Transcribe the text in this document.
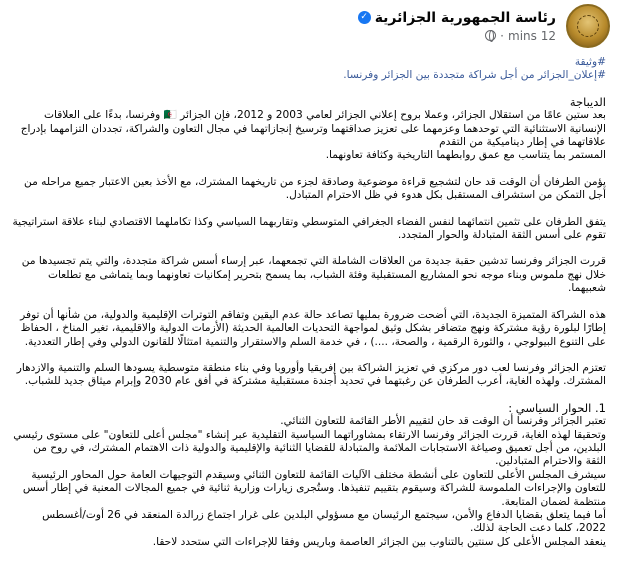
رئاسة الجمهورية الجزائرية
✓
12 mins
·

#وثيقة

#إعلان_الجزائر من أجل شراكة متجددة بين الجزائر وفرنسا.

الديباجة

بعد ستين عامًا من استقلال الجزائر، وعملا بروح إعلاني الجزائر لعامي 2003 و 2012، فإن الجزائر 🇩🇿 وفرنسا، بدءًا على العلاقات الإنسانية الاستثنائية التي توحدهما وعزمهما على تعزيز صداقتهما وترسيخ إنجازاتهما في مجال التعاون والشراكة، تجددان التزامهما بإدراج علاقاتهما في إطار ديناميكية من التقدم

المستمر بما يتناسب مع عمق روابطهما التاريخية وكثافة تعاونهما.

يؤمن الطرفان أن الوقت قد حان لتشجيع قراءة موضوعية وصادقة لجزء من تاريخهما المشترك، مع الأخذ بعين الاعتبار جميع مراحله من أجل التمكن من استشراف المستقبل بكل هدوء في ظل الاحترام المتبادل.

يتفق الطرفان على تثمين انتمائهما لنفس الفضاء الجغرافي المتوسطي وتقاربهما السياسي وكذا تكاملهما الاقتصادي لبناء علاقة استراتيجية تقوم على أسس الثقة المتبادلة والحوار المتجدد.

قررت الجزائر وفرنسا تدشين حقبة جديدة من العلاقات الشاملة التي تجمعهما، عبر إرساء أسس شراكة متجددة، والتي يتم تجسيدها من خلال نهج ملموس وبناء موجه نحو المشاريع المستقبلية وفئة الشباب، بما يسمح بتحرير إمكانيات تعاونهما وبما يتماشى مع تطلعات شعبيهما.

هذه الشراكة المتميزة الجديدة، التي أضحت ضرورة بمليها تصاعد حالة عدم اليقين وتفاقم التوترات الإقليمية والدولية، من شأنها أن توفر إطارًا لبلورة رؤية مشتركة ونهج متضافر بشكل وثيق لمواجهة التحديات العالمية الحديثة (الأزمات الدولية والاقليمية، تغير المناخ ، الحفاظ على التنوع البيولوجي ، والثورة الرقمية ، والصحة، ....) ، في خدمة السلم والاستقرار والتنمية امتثالًا للقانون الدولي وفي إطار التعددية.

تعتزم الجزائر وفرنسا لعب دور مركزي في تعزيز الشراكة بين إفريقيا وأوروبا وفي بناء منطقة متوسطية يسودها السلم والتنمية والازدهار المشترك. ولهذه الغاية، أعرب الطرفان عن رغبتهما في تحديد أجندة مستقبلية مشتركة في أفق عام 2030 وإبرام ميثاق جديد للشباب.

1. الحوار السياسي :

تعتبر الجزائر وفرنسا أن الوقت قد حان لتقييم الأطر القائمة للتعاون الثنائي.

وتحقيقا لهذه الغاية، قررت الجزائر وفرنسا الارتقاء بمشاوراتهما السياسية التقليدية عبر إنشاء "مجلس أعلى للتعاون" على مستوى رئيسي البلدين، من أجل تعميق وصياغة الاستجابات الملائمة والمتبادلة للقضايا الثنائية والإقليمية والدولية ذات الاهتمام المشترك، في روح من الثقة والاحترام المتبادلين.

سيشرف المجلس الأعلى للتعاون على أنشطة مختلف الآليات القائمة للتعاون الثنائي وسيقدم التوجيهات العامة حول المحاور الرئيسية للتعاون والإجراءات الملموسة للشراكة وسيقوم بتقييم تنفيذها. وستُجرى زيارات وزارية ثنائية في جميع المجالات المعنية في إطار أسس منتظمة لضمان المتابعة.

أما فيما يتعلق بقضايا الدفاع والأمن، سيجتمع الرئيسان مع مسؤولي البلدين على غرار اجتماع زرالدة المنعقد في 26 أوت/أغسطس 2022، كلما دعت الحاجة لذلك.

ينعقد المجلس الأعلى كل سنتين بالتناوب بين الجزائر العاصمة وباريس وفقا للإجراءات التي ستحدد لاحقا.
